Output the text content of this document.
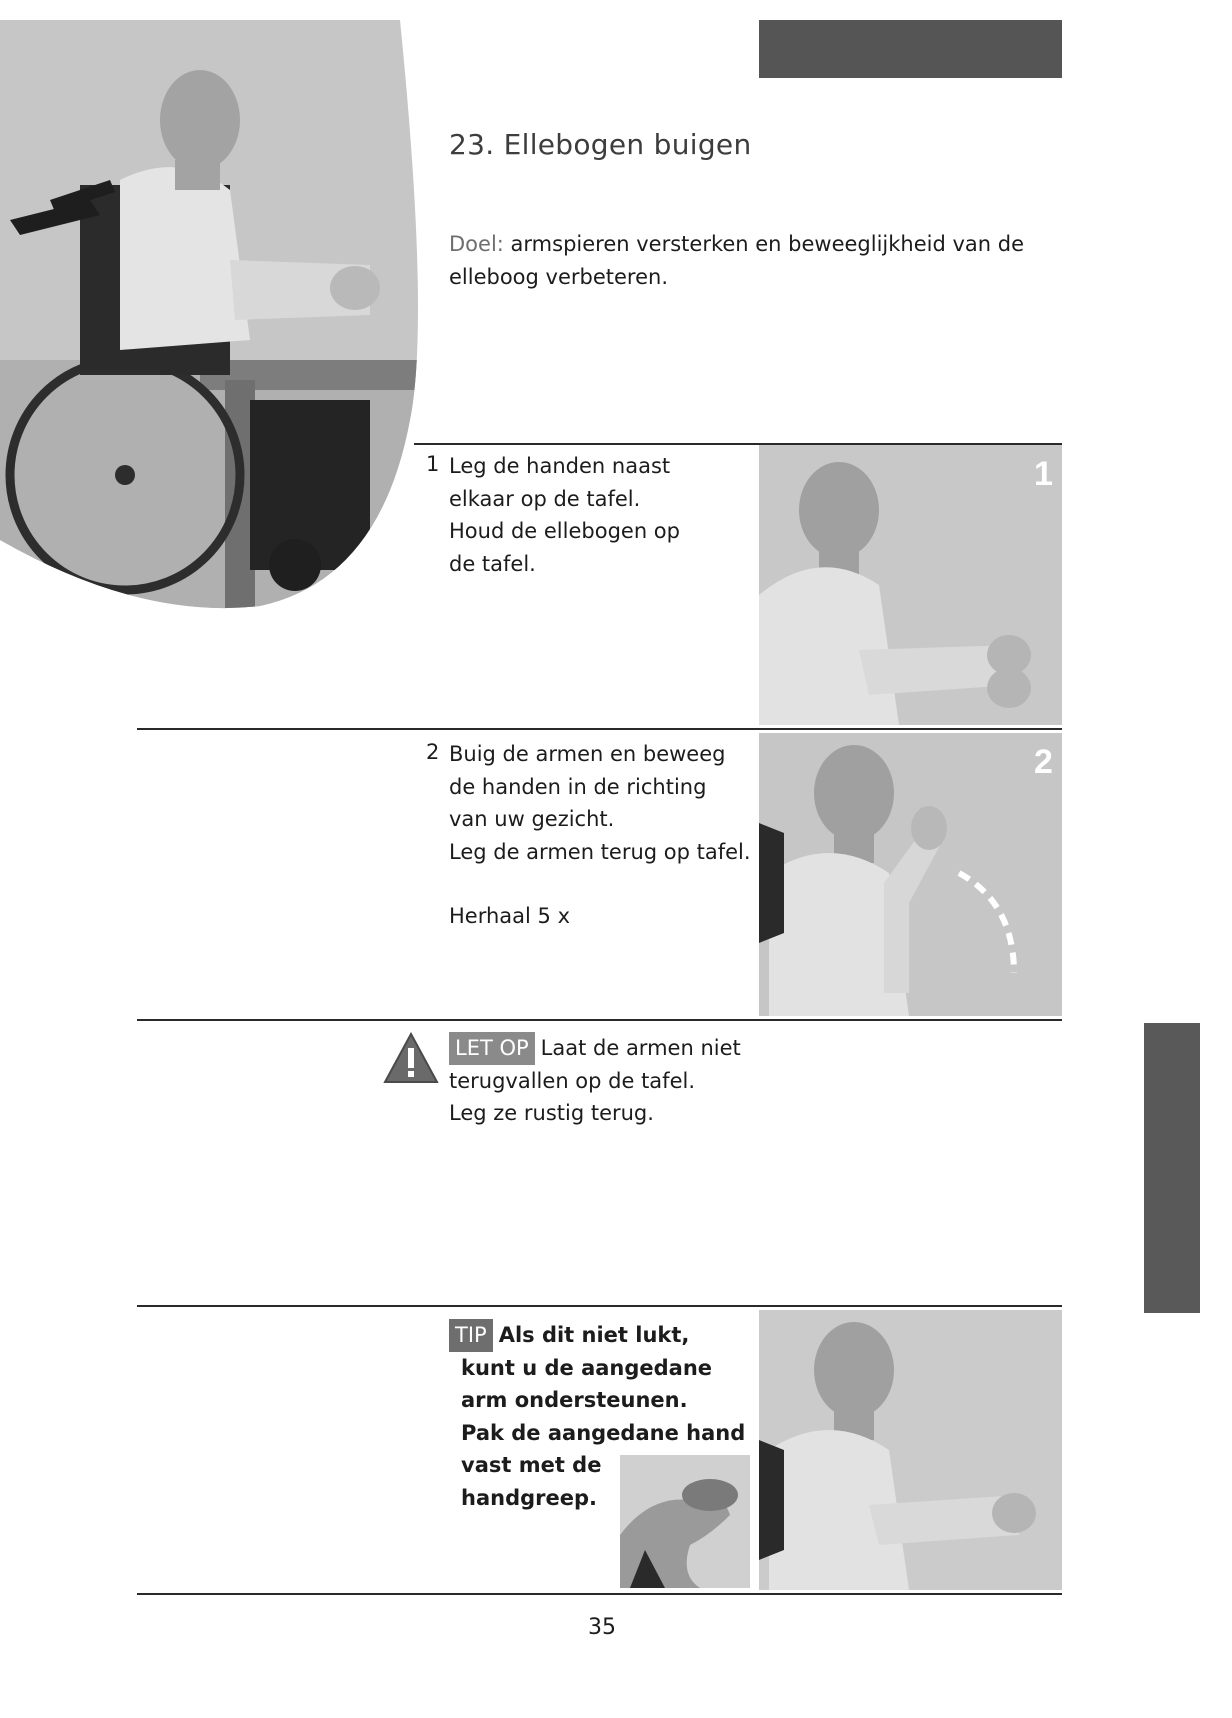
23. Ellebogen buigen
Doel: armspieren versterken en beweeglijkheid van de elleboog verbeteren.
1 Leg de handen naast

elkaar op de tafel.

Houd de ellebogen op

de tafel.

1
2 Buig de armen en beweeg

de handen in de richting

van uw gezicht.

Leg de armen terug op tafel.

Herhaal 5 x

2

LET OP Laat de armen niet

terugvallen op de tafel.

Leg ze rustig terug.

TIP Als dit niet lukt,
kunt u de aangedane
arm ondersteunen.
Pak de aangedane hand
vast met de
handgreep.
35
